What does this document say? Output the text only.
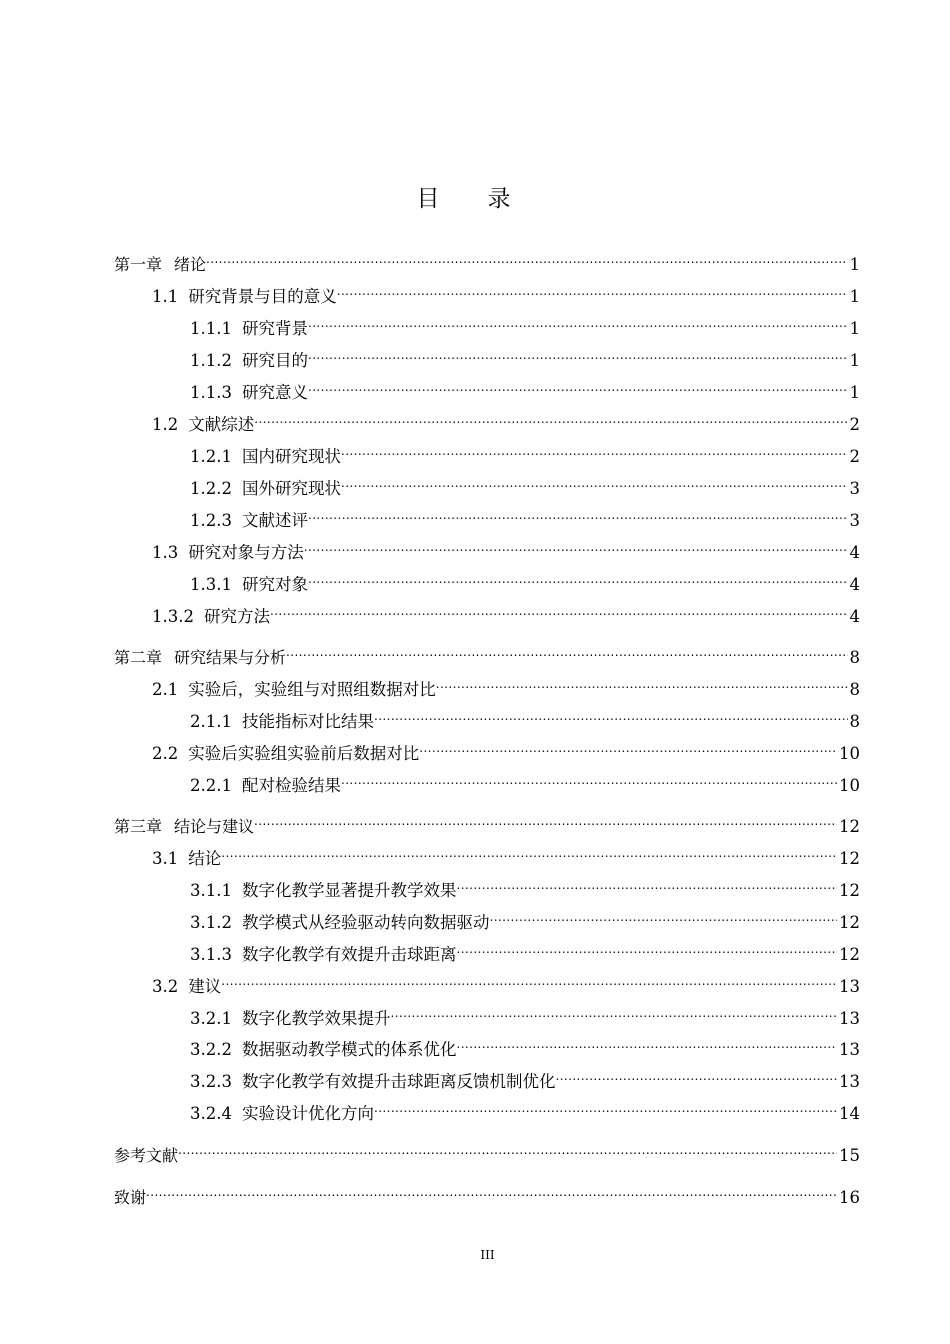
目录
第一章 绪论 .....	1
1.1 研究背景与目的意义 .....	1
1.1.1 研究背景 .....	1
1.1.2 研究目的 .....	1
1.1.3 研究意义 .....	1
1.2 文献综述 .....	2
1.2.1 国内研究现状 .....	2
1.2.2 国外研究现状 .....	3
1.2.3 文献述评 .....	3
1.3 研究对象与方法 .....	4
1.3.1 研究对象 .....	4
1.3.2 研究方法 .....	4
第二章 研究结果与分析 .....	8
2.1 实验后，实验组与对照组数据对比 .....	8
2.1.1 技能指标对比结果 .....	8
2.2 实验后实验组实验前后数据对比 .....	10
2.2.1 配对检验结果 .....	10
第三章 结论与建议 .....	12
3.1 结论 .....	12
3.1.1 数字化教学显著提升教学效果 .....	12
3.1.2 教学模式从经验驱动转向数据驱动 .....	12
3.1.3 数字化教学有效提升击球距离 .....	12
3.2 建议 .....	13
3.2.1 数字化教学效果提升 .....	13
3.2.2 数据驱动教学模式的体系优化 .....	13
3.2.3 数字化教学有效提升击球距离反馈机制优化 .....	13
3.2.4 实验设计优化方向 .....	14
参考文献 .....	15
致谢 .....	16
III
